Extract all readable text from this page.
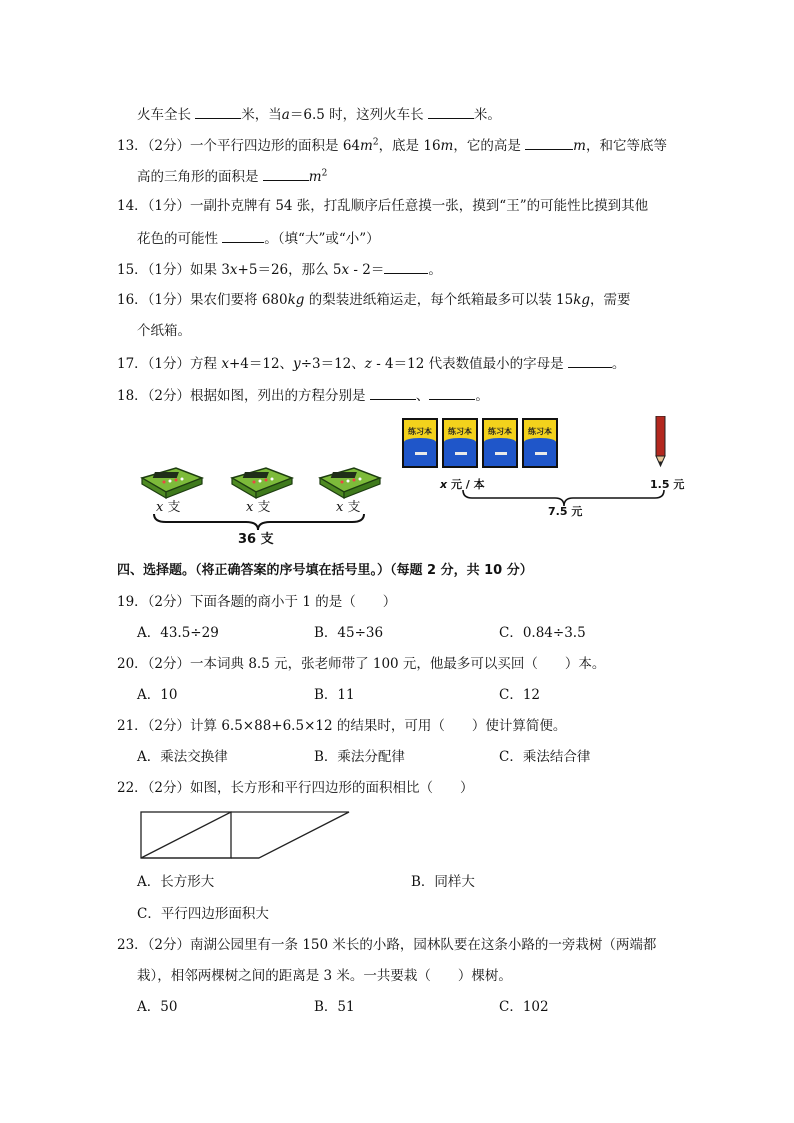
火车全长	米，当a＝6.5 时，这列火车长	米。
13．（2分）一个平行四边形的面积是 $64m^2$，底是 16m，它的高是	m，和它等底等
高的三角形的面积是	$m^2$
14．（1分）一副扑克牌有 54 张，打乱顺序后任意摸一张，摸到“王”的可能性比摸到其他
花色的可能性	。（填“大”或“小”）
15．（1分）如果 3x+5＝26，那么 5x - 2＝	。
16．（1分）果农们要将 680kg 的梨装进纸箱运走，每个纸箱最多可以装 15kg，需要
个纸箱。
17．（1分）方程 x+4＝12、y÷3＝12、z - 4＝12 代表数值最小的字母是	。
18．（2分）根据如图，列出的方程分别是	、	。
x 支	x 支	x 支
36 支
练习本	练习本	练习本	练习本
x 元 / 本	1.5 元
7.5 元
四、选择题。（将正确答案的序号填在括号里。）（每题 2 分，共 10 分）
19．（2分）下面各题的商小于 1 的是（　　）
A．43.5÷29	B．45÷36	C．0.84÷3.5
20．（2分）一本词典 8.5 元，张老师带了 100 元，他最多可以买回（　　）本。
A．10	B．11	C．12
21．（2分）计算 6.5×88+6.5×12 的结果时，可用（　　）使计算简便。
A．乘法交换律	B．乘法分配律	C．乘法结合律
22．（2分）如图，长方形和平行四边形的面积相比（　　）
A．长方形大	B．同样大
C．平行四边形面积大
23．（2分）南湖公园里有一条 150 米长的小路，园林队要在这条小路的一旁栽树（两端都
栽），相邻两棵树之间的距离是 3 米。一共要栽（　　）棵树。
A．50	B．51	C．102
